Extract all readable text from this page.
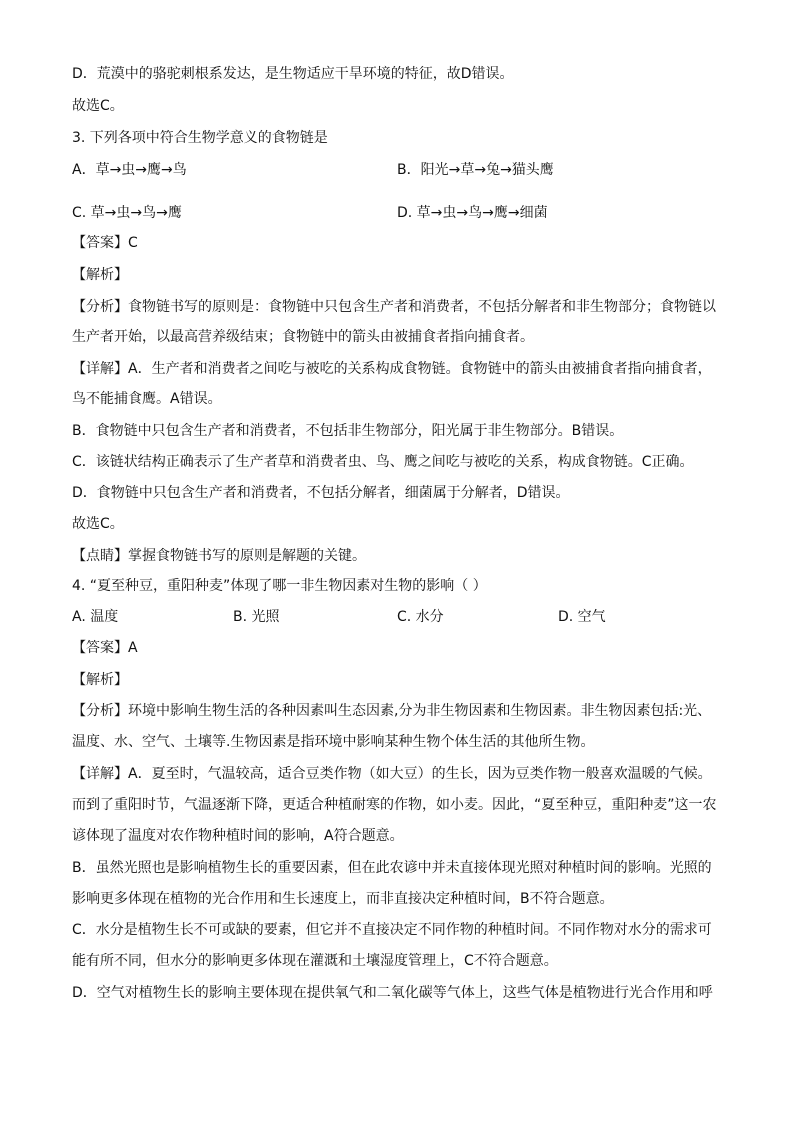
D．荒漠中的骆驼刺根系发达，是生物适应干旱环境的特征，故D错误。
故选C。
3. 下列各项中符合生物学意义的食物链是
A．草→虫→鹰→鸟	B．阳光→草→兔→猫头鹰
C. 草→虫→鸟→鹰	D. 草→虫→鸟→鹰→细菌
【答案】C
【解析】
【分析】食物链书写的原则是：食物链中只包含生产者和消费者，不包括分解者和非生物部分；食物链以
生产者开始，以最高营养级结束；食物链中的箭头由被捕食者指向捕食者。
【详解】A．生产者和消费者之间吃与被吃的关系构成食物链。食物链中的箭头由被捕食者指向捕食者，
鸟不能捕食鹰。A错误。
B．食物链中只包含生产者和消费者，不包括非生物部分，阳光属于非生物部分。B错误。
C．该链状结构正确表示了生产者草和消费者虫、鸟、鹰之间吃与被吃的关系，构成食物链。C正确。
D．食物链中只包含生产者和消费者，不包括分解者，细菌属于分解者，D错误。
故选C。
【点睛】掌握食物链书写的原则是解题的关键。
4. “夏至种豆，重阳种麦”体现了哪一非生物因素对生物的影响（ ）
A. 温度	B. 光照	C. 水分	D. 空气
【答案】A
【解析】
【分析】环境中影响生物生活的各种因素叫生态因素,分为非生物因素和生物因素。非生物因素包括:光、
温度、水、空气、土壤等.生物因素是指环境中影响某种生物个体生活的其他所生物。
【详解】A．夏至时，气温较高，适合豆类作物（如大豆）的生长，因为豆类作物一般喜欢温暖的气候。
而到了重阳时节，气温逐渐下降，更适合种植耐寒的作物，如小麦。因此，“夏至种豆，重阳种麦”这一农
谚体现了温度对农作物种植时间的影响，A符合题意。
B．虽然光照也是影响植物生长的重要因素，但在此农谚中并未直接体现光照对种植时间的影响。光照的
影响更多体现在植物的光合作用和生长速度上，而非直接决定种植时间，B不符合题意。
C．水分是植物生长不可或缺的要素，但它并不直接决定不同作物的种植时间。不同作物对水分的需求可
能有所不同，但水分的影响更多体现在灌溉和土壤湿度管理上，C不符合题意。
D．空气对植物生长的影响主要体现在提供氧气和二氧化碳等气体上，这些气体是植物进行光合作用和呼
